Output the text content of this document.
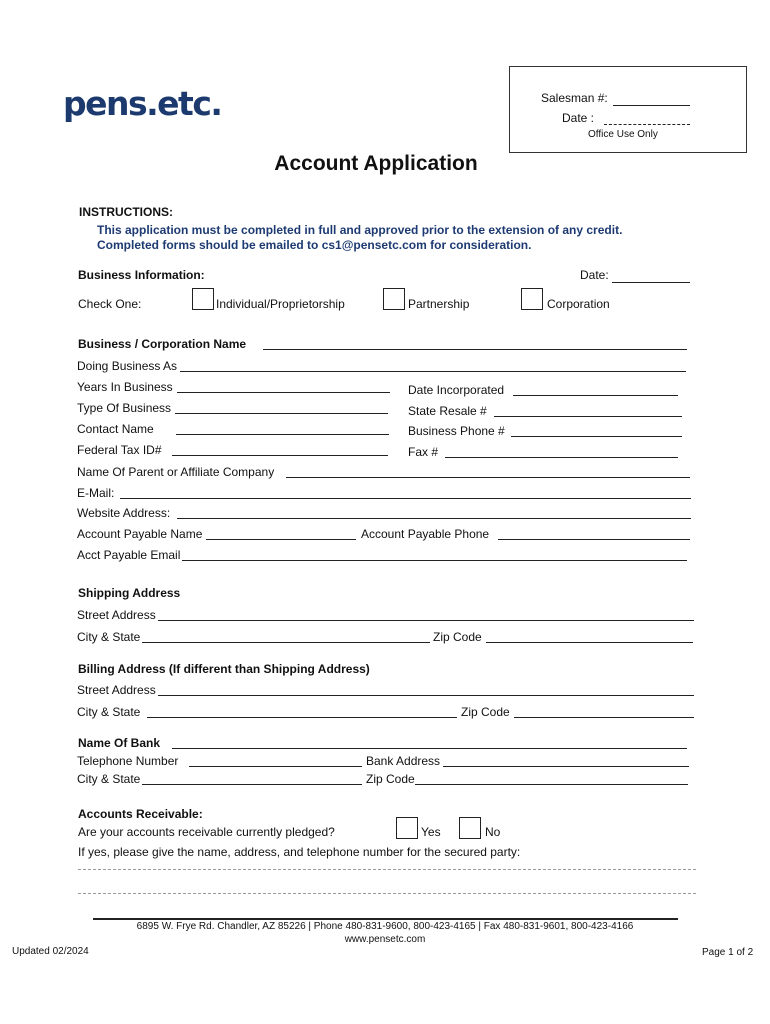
pens.etc.	Salesman #:
Date :
Office Use Only
Account Application
INSTRUCTIONS:
This application must be completed in full and approved prior to the extension of any credit.
Completed forms should be emailed to cs1@pensetc.com for consideration.
Business Information:	Date:
Check One:	Individual/Proprietorship	Partnership	Corporation
Business / Corporation Name
Doing Business As
Years In Business	Date Incorporated
Type Of Business	State Resale #
Contact Name	Business Phone #
Federal Tax ID#	Fax #
Name Of Parent or Affiliate Company
E-Mail:
Website Address:
Account Payable Name	Account Payable Phone
Acct Payable Email
Shipping Address
Street Address
City & State	Zip Code
Billing Address (If different than Shipping Address)
Street Address
City & State	Zip Code
Name Of Bank
Telephone Number	Bank Address
City & State	Zip Code
Accounts Receivable:
Are your accounts receivable currently pledged?	Yes	No
If yes, please give the name, address, and telephone number for the secured party:
6895 W. Frye Rd. Chandler, AZ 85226 | Phone 480-831-9600, 800-423-4165 | Fax 480-831-9601, 800-423-4166
www.pensetc.com
Updated 02/2024	Page 1 of 2
